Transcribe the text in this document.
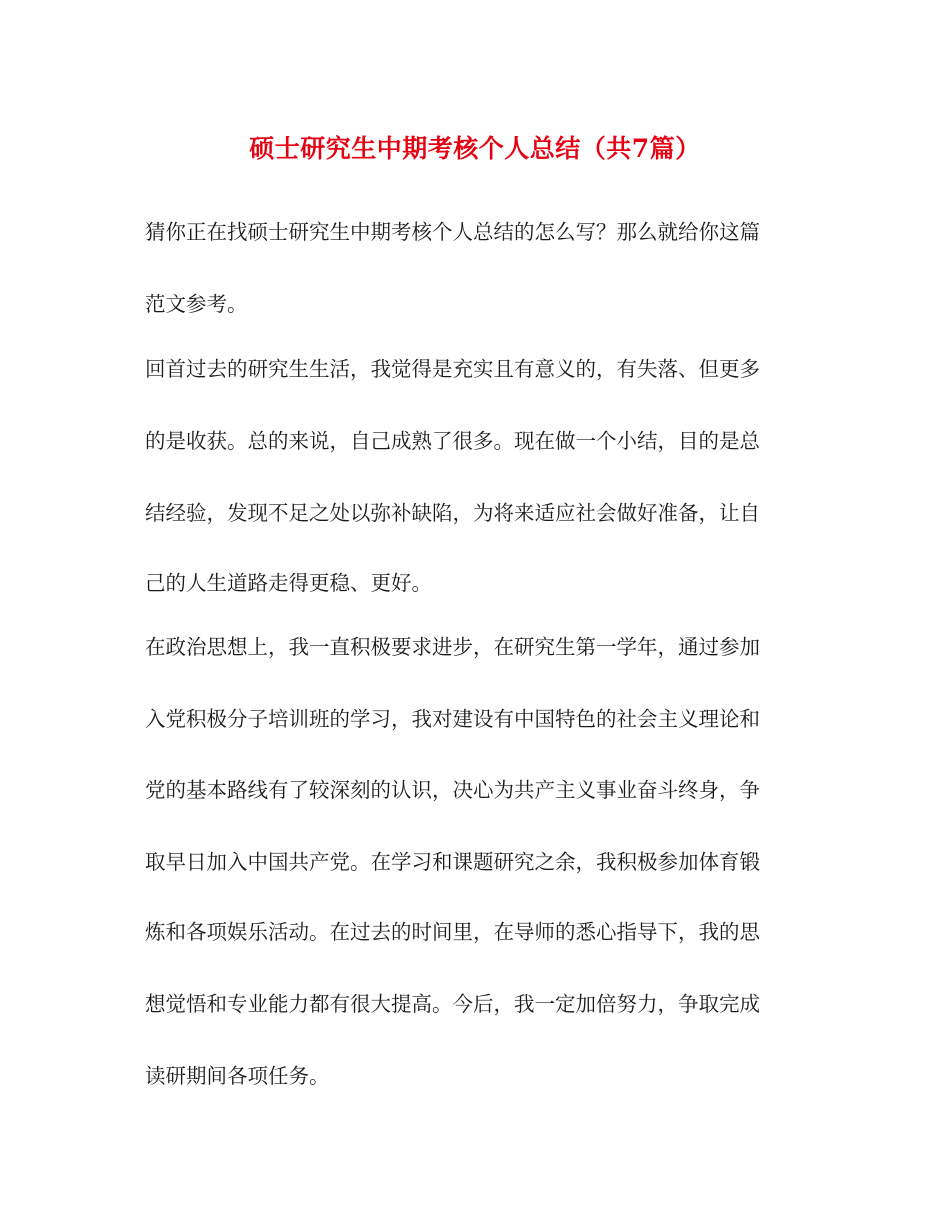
硕士研究生中期考核个人总结（共7篇）
猜你正在找硕士研究生中期考核个人总结的怎么写？那么就给你这篇
范文参考。
回首过去的研究生生活，我觉得是充实且有意义的，有失落、但更多
的是收获。总的来说，自己成熟了很多。现在做一个小结，目的是总
结经验，发现不足之处以弥补缺陷，为将来适应社会做好准备，让自
己的人生道路走得更稳、更好。
在政治思想上，我一直积极要求进步，在研究生第一学年，通过参加
入党积极分子培训班的学习，我对建设有中国特色的社会主义理论和
党的基本路线有了较深刻的认识，决心为共产主义事业奋斗终身，争
取早日加入中国共产党。在学习和课题研究之余，我积极参加体育锻
炼和各项娱乐活动。在过去的时间里，在导师的悉心指导下，我的思
想觉悟和专业能力都有很大提高。今后，我一定加倍努力，争取完成
读研期间各项任务。
